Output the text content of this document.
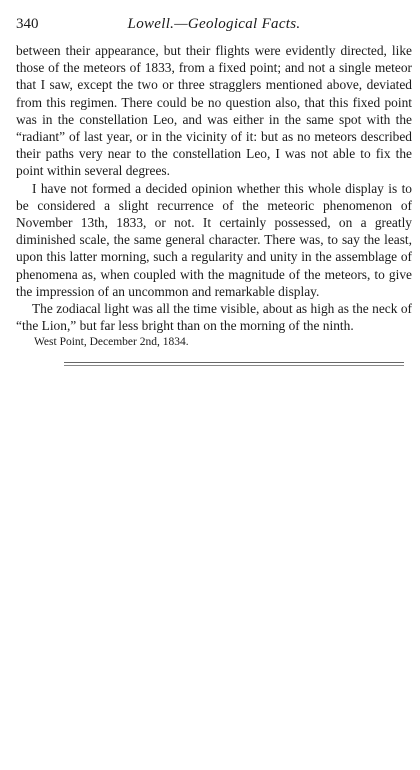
340	Lowell.—Geological Facts.

between their appearance, but their flights were evidently directed, like those of the meteors of 1833, from a fixed point; and not a single meteor that I saw, except the two or three stragglers mentioned above, deviated from this regimen. There could be no question also, that this fixed point was in the constellation Leo, and was either in the same spot with the “radiant” of last year, or in the vicinity of it: but as no meteors described their paths very near to the constellation Leo, I was not able to fix the point within several degrees.

I have not formed a decided opinion whether this whole display is to be considered a slight recurrence of the meteoric phenomenon of November 13th, 1833, or not. It certainly possessed, on a greatly diminished scale, the same general character. There was, to say the least, upon this latter morning, such a regularity and unity in the assemblage of phenomena as, when coupled with the magnitude of the meteors, to give the impression of an uncommon and remarkable display.

The zodiacal light was all the time visible, about as high as the neck of “the Lion,” but far less bright than on the morning of the ninth.

West Point, December 2nd, 1834.
